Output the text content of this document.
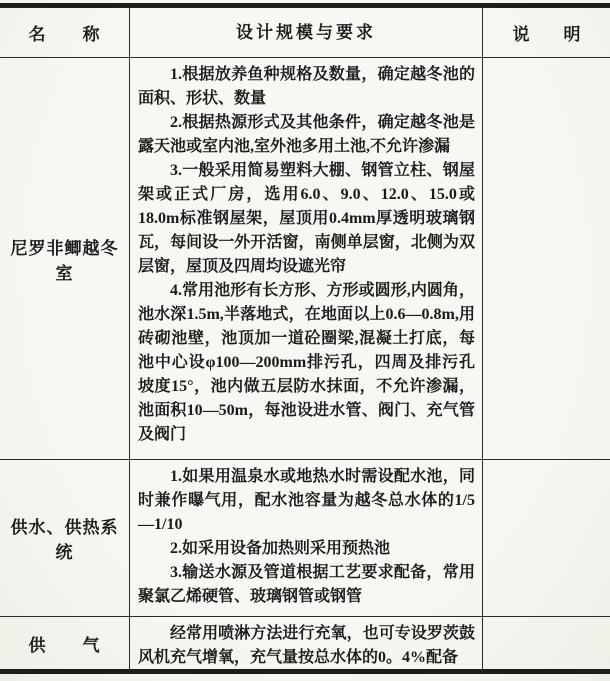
名　　称	设计规模与要求	说　　明
尼罗非鲫越冬室

1.根据放养鱼种规格及数量，确定越冬池的面积、形状、数量

2.根据热源形式及其他条件，确定越冬池是露天池或室内池,室外池多用土池,不允许渗漏

3.一般采用简易塑料大棚、钢管立柱、钢屋架或正式厂房，选用6.0、9.0、12.0、15.0或18.0m标准钢屋架，屋顶用0.4mm厚透明玻璃钢瓦，每间设一外开活窗，南侧单层窗，北侧为双层窗，屋顶及四周均设遮光帘

4.常用池形有长方形、方形或圆形,内圆角，池水深1.5m,半落地式，在地面以上0.6—0.8m,用砖砌池壁，池顶加一道砼圈梁,混凝土打底，每池中心设φ100—200mm排污孔，四周及排污孔坡度15°，池内做五层防水抹面，不允许渗漏，池面积10—50m，每池设进水管、阀门、充气管及阀门

供水、供热系统

1.如果用温泉水或地热水时需设配水池，同时兼作曝气用，配水池容量为越冬总水体的1/5—1/10

2.如采用设备加热则采用预热池

3.输送水源及管道根据工艺要求配备，常用聚氯乙烯硬管、玻璃钢管或钢管

供　　气

经常用喷淋方法进行充氧，也可专设罗茨鼓风机充气增氧，充气量按总水体的0。4%配备
